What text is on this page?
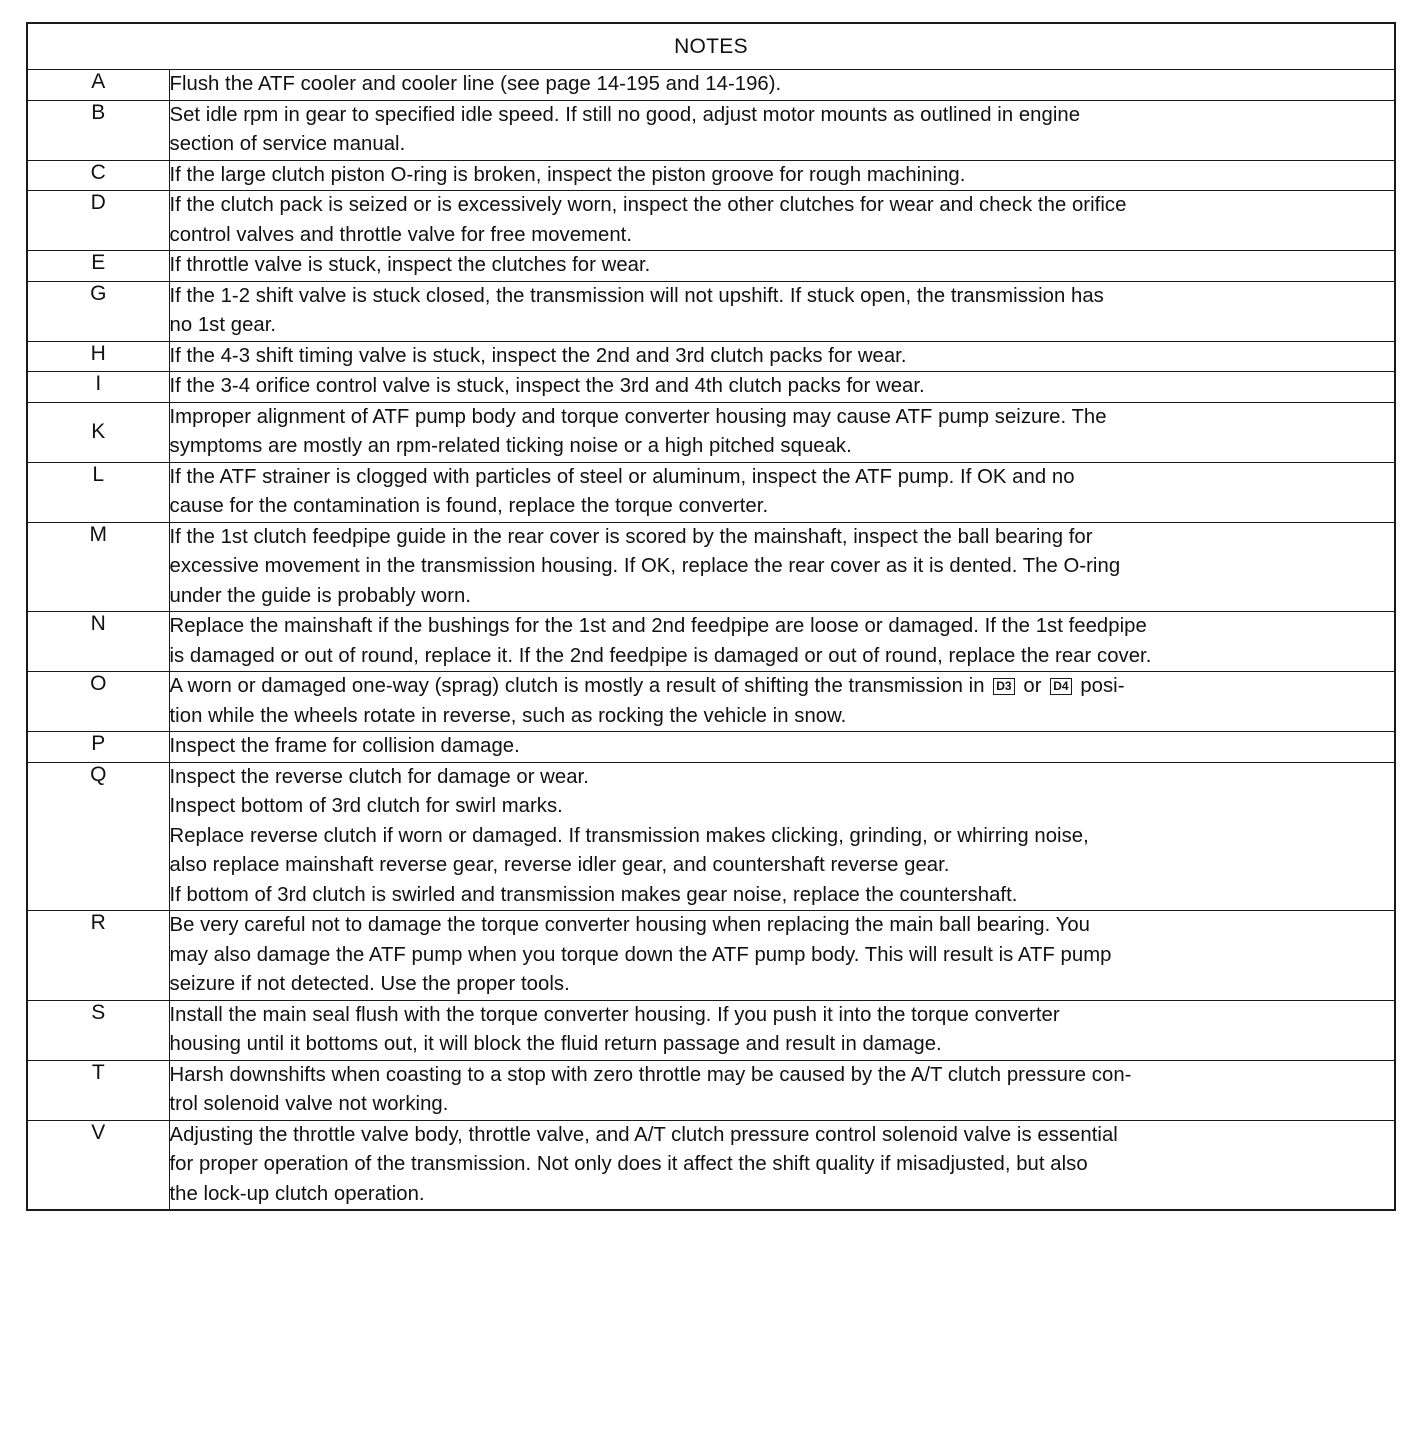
NOTES	
A	Flush the ATF cooler and cooler line (see page 14-195 and 14-196).
B	Set idle rpm in gear to specified idle speed. If still no good, adjust motor mounts as outlined in engine
section of service manual.
C	If the large clutch piston O-ring is broken, inspect the piston groove for rough machining.
D	If the clutch pack is seized or is excessively worn, inspect the other clutches for wear and check the orifice
control valves and throttle valve for free movement.
E	If throttle valve is stuck, inspect the clutches for wear.
G	If the 1-2 shift valve is stuck closed, the transmission will not upshift. If stuck open, the transmission has
no 1st gear.
H	If the 4-3 shift timing valve is stuck, inspect the 2nd and 3rd clutch packs for wear.
I	If the 3-4 orifice control valve is stuck, inspect the 3rd and 4th clutch packs for wear.
K	Improper alignment of ATF pump body and torque converter housing may cause ATF pump seizure. The
symptoms are mostly an rpm-related ticking noise or a high pitched squeak.
L	If the ATF strainer is clogged with particles of steel or aluminum, inspect the ATF pump. If OK and no
cause for the contamination is found, replace the torque converter.
M	If the 1st clutch feedpipe guide in the rear cover is scored by the mainshaft, inspect the ball bearing for
excessive movement in the transmission housing. If OK, replace the rear cover as it is dented. The O-ring
under the guide is probably worn.
N	Replace the mainshaft if the bushings for the 1st and 2nd feedpipe are loose or damaged. If the 1st feedpipe
is damaged or out of round, replace it. If the 2nd feedpipe is damaged or out of round, replace the rear cover.
O	A worn or damaged one-way (sprag) clutch is mostly a result of shifting the transmission in D3 or D4 posi-
tion while the wheels rotate in reverse, such as rocking the vehicle in snow.
P	Inspect the frame for collision damage.
Q	Inspect the reverse clutch for damage or wear.
Inspect bottom of 3rd clutch for swirl marks.
Replace reverse clutch if worn or damaged. If transmission makes clicking, grinding, or whirring noise,
also replace mainshaft reverse gear, reverse idler gear, and countershaft reverse gear.
If bottom of 3rd clutch is swirled and transmission makes gear noise, replace the countershaft.
R	Be very careful not to damage the torque converter housing when replacing the main ball bearing. You
may also damage the ATF pump when you torque down the ATF pump body. This will result is ATF pump
seizure if not detected. Use the proper tools.
S	Install the main seal flush with the torque converter housing. If you push it into the torque converter
housing until it bottoms out, it will block the fluid return passage and result in damage.
T	Harsh downshifts when coasting to a stop with zero throttle may be caused by the A/T clutch pressure con-
trol solenoid valve not working.
V	Adjusting the throttle valve body, throttle valve, and A/T clutch pressure control solenoid valve is essential
for proper operation of the transmission. Not only does it affect the shift quality if misadjusted, but also
the lock-up clutch operation.
